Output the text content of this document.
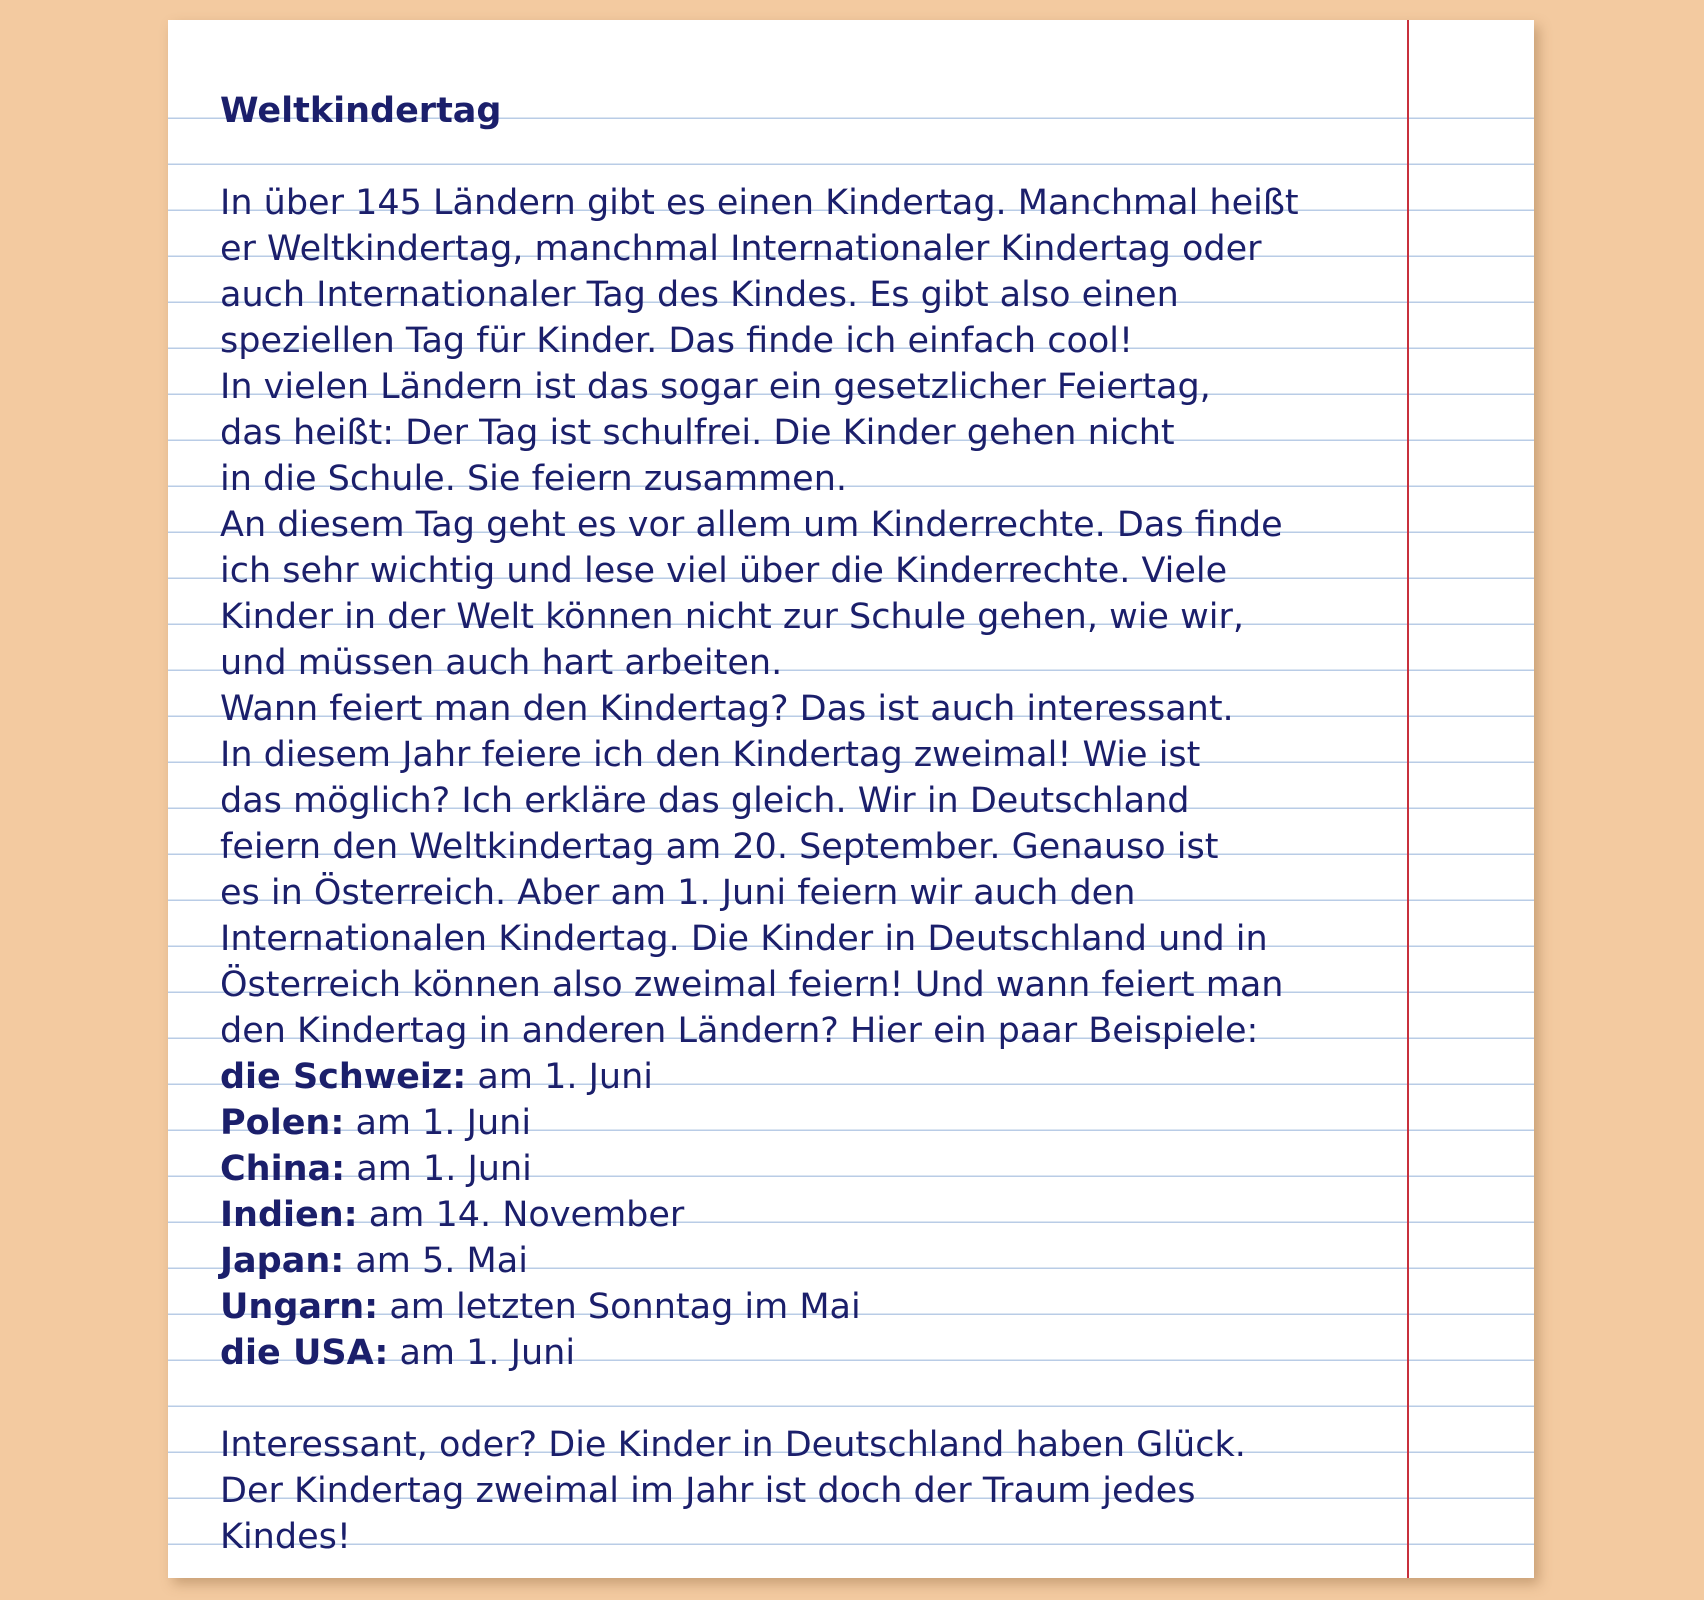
Weltkindertag
In über 145 Ländern gibt es einen Kindertag. Manchmal heißt
er Weltkindertag, manchmal Internationaler Kindertag oder
auch Internationaler Tag des Kindes. Es gibt also einen
speziellen Tag für Kinder. Das finde ich einfach cool!
In vielen Ländern ist das sogar ein gesetzlicher Feiertag,
das heißt: Der Tag ist schulfrei. Die Kinder gehen nicht
in die Schule. Sie feiern zusammen.
An diesem Tag geht es vor allem um Kinderrechte. Das finde
ich sehr wichtig und lese viel über die Kinderrechte. Viele
Kinder in der Welt können nicht zur Schule gehen, wie wir,
und müssen auch hart arbeiten.
Wann feiert man den Kindertag? Das ist auch interessant.
In diesem Jahr feiere ich den Kindertag zweimal! Wie ist
das möglich? Ich erkläre das gleich. Wir in Deutschland
feiern den Weltkindertag am 20. September. Genauso ist
es in Österreich. Aber am 1. Juni feiern wir auch den
Internationalen Kindertag. Die Kinder in Deutschland und in
Österreich können also zweimal feiern! Und wann feiert man
den Kindertag in anderen Ländern? Hier ein paar Beispiele:
die Schweiz: am 1. Juni
Polen: am 1. Juni
China: am 1. Juni
Indien: am 14. November
Japan: am 5. Mai
Ungarn: am letzten Sonntag im Mai
die USA: am 1. Juni
Interessant, oder? Die Kinder in Deutschland haben Glück.
Der Kindertag zweimal im Jahr ist doch der Traum jedes
Kindes!
